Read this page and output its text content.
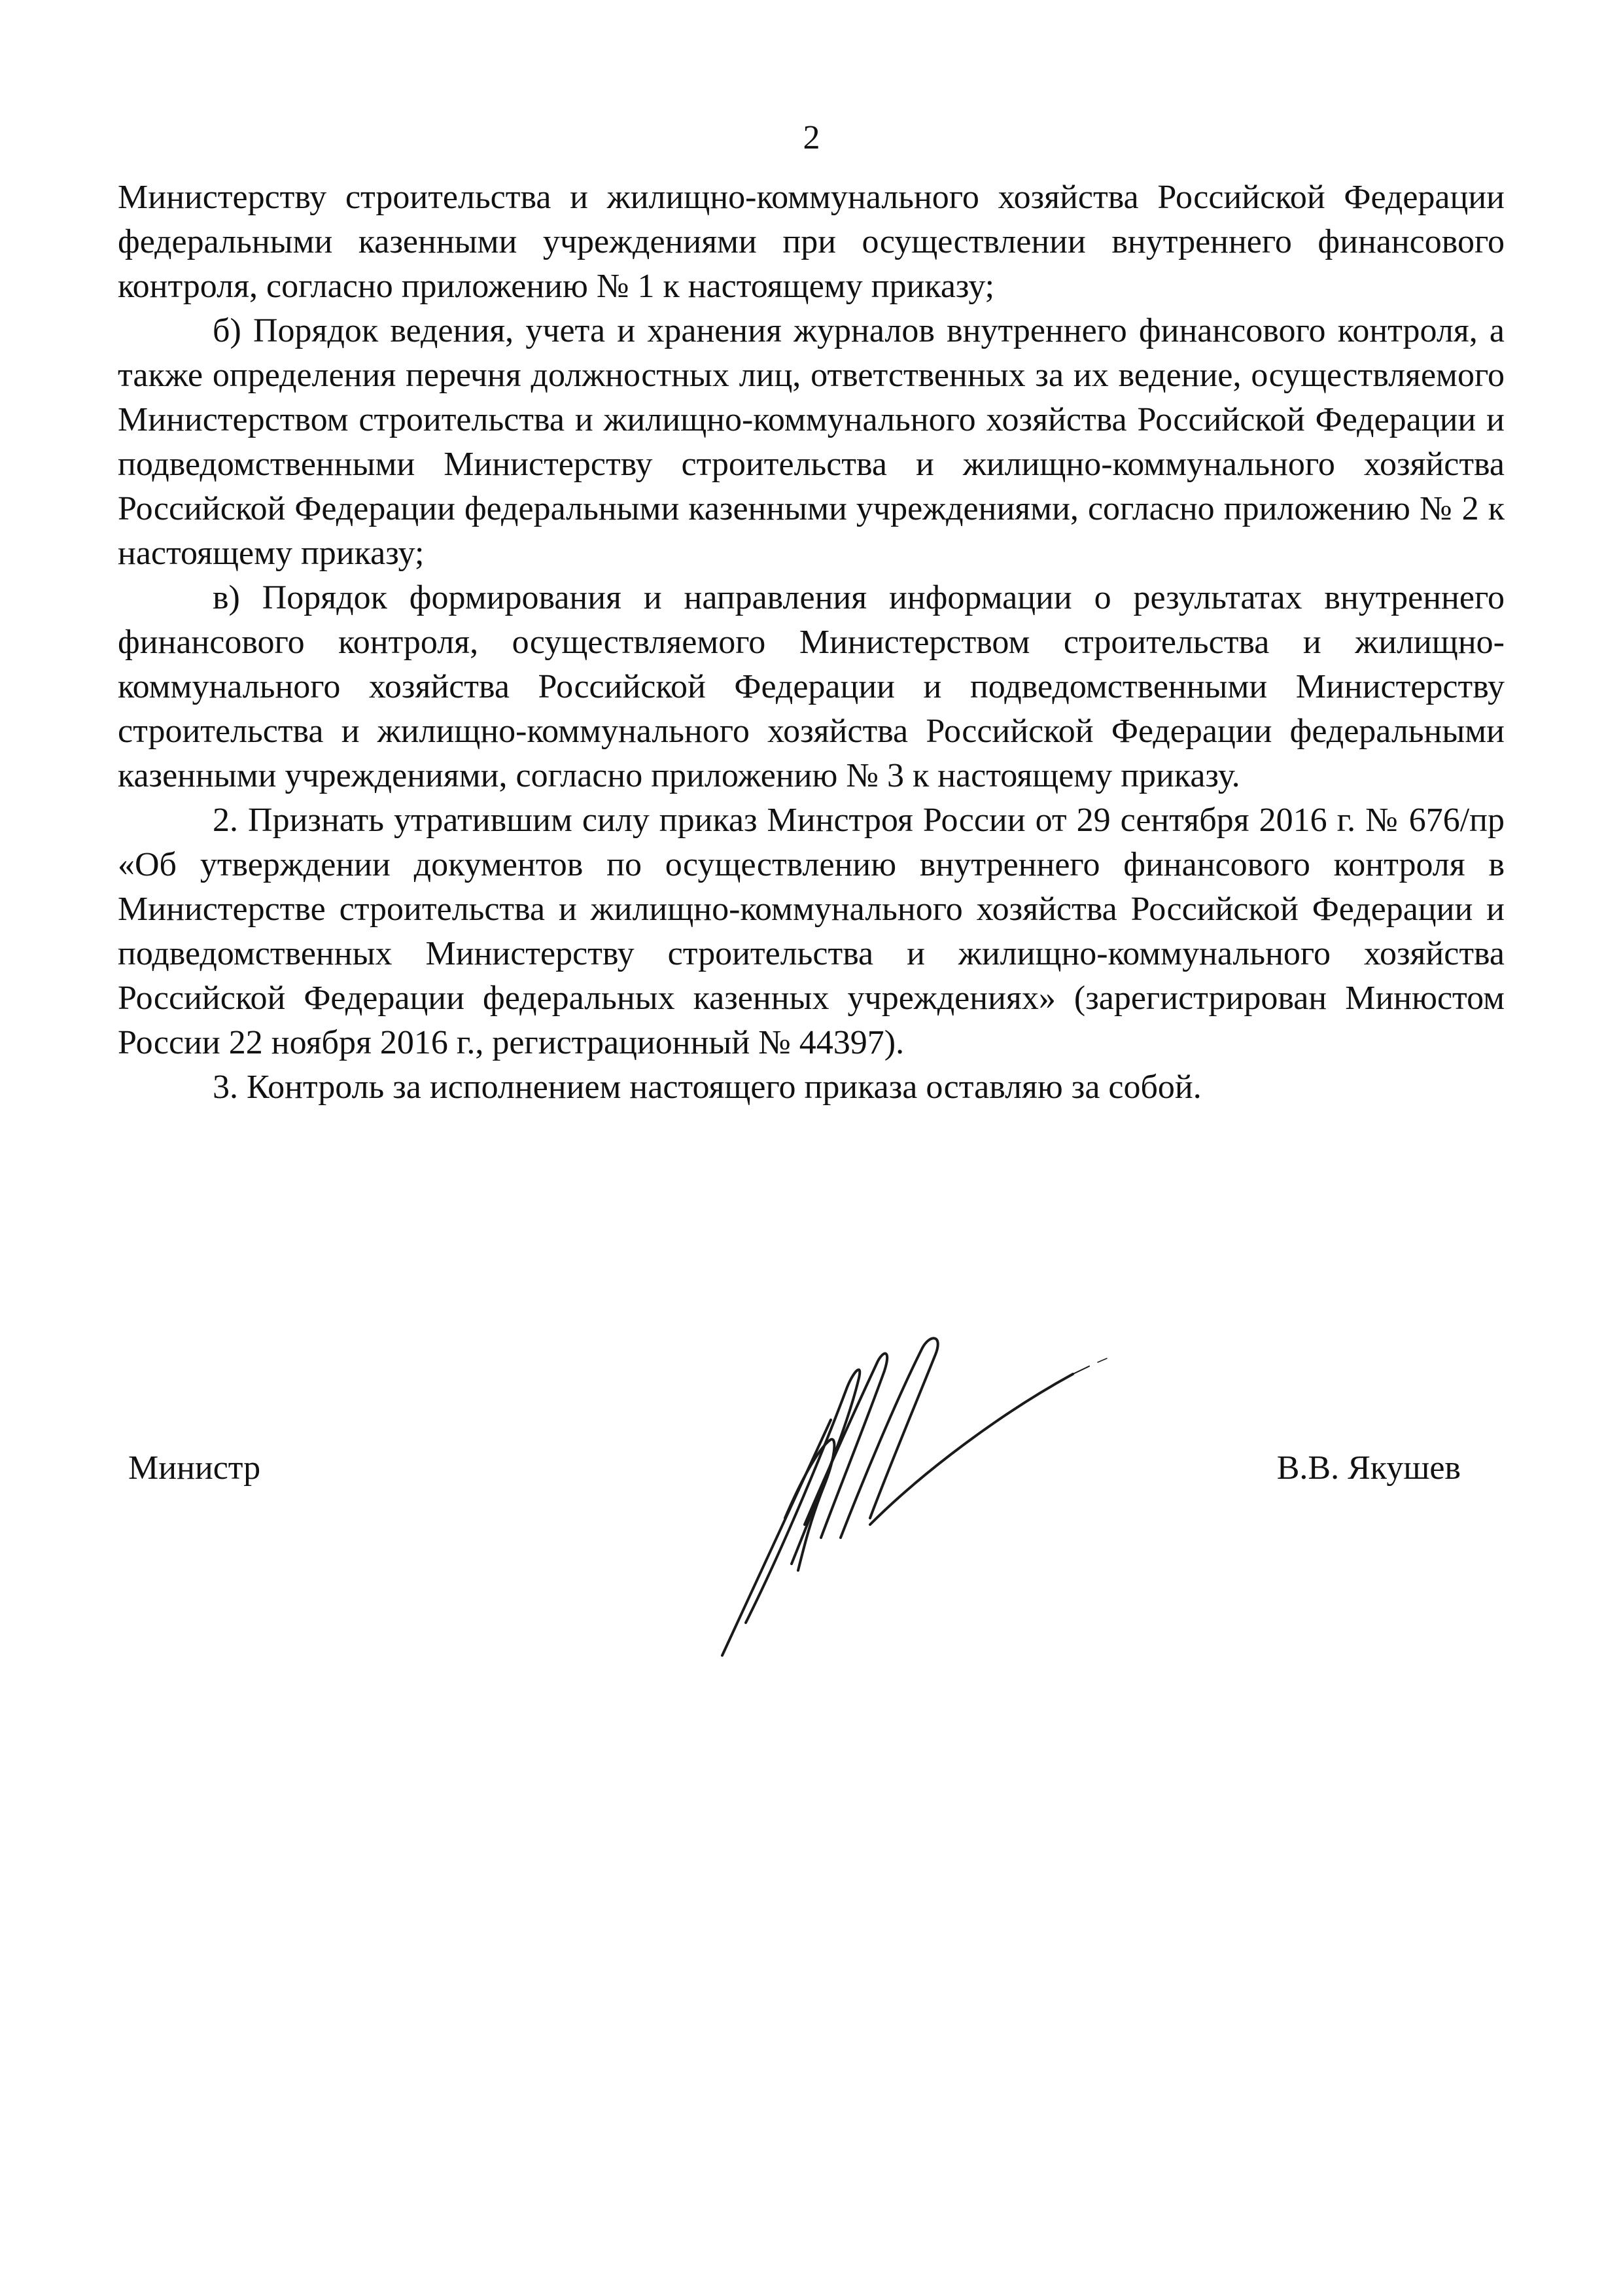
2

Министерству строительства и жилищно-коммунального хозяйства Российской Федерации федеральными казенными учреждениями при осуществлении внутреннего финансового контроля, согласно приложению № 1 к настоящему приказу;

б) Порядок ведения, учета и хранения журналов внутреннего финансового контроля, а также определения перечня должностных лиц, ответственных за их ведение, осуществляемого Министерством строительства и жилищно-коммунального хозяйства Российской Федерации и подведомственными Министерству строительства и жилищно-коммунального хозяйства Российской Федерации федеральными казенными учреждениями, согласно приложению № 2 к настоящему приказу;

в) Порядок формирования и направления информации о результатах внутреннего финансового контроля, осуществляемого Министерством строительства и жилищно-коммунального хозяйства Российской Федерации и подведомственными Министерству строительства и жилищно-коммунального хозяйства Российской Федерации федеральными казенными учреждениями, согласно приложению № 3 к настоящему приказу.

2. Признать утратившим силу приказ Минстроя России от 29 сентября 2016 г. № 676/пр «Об утверждении документов по осуществлению внутреннего финансового контроля в Министерстве строительства и жилищно-коммунального хозяйства Российской Федерации и подведомственных Министерству строительства и жилищно-коммунального хозяйства Российской Федерации федеральных казенных учреждениях» (зарегистрирован Минюстом России 22 ноября 2016 г., регистрационный № 44397).

3. Контроль за исполнением настоящего приказа оставляю за собой.

Министр	В.В. Якушев
